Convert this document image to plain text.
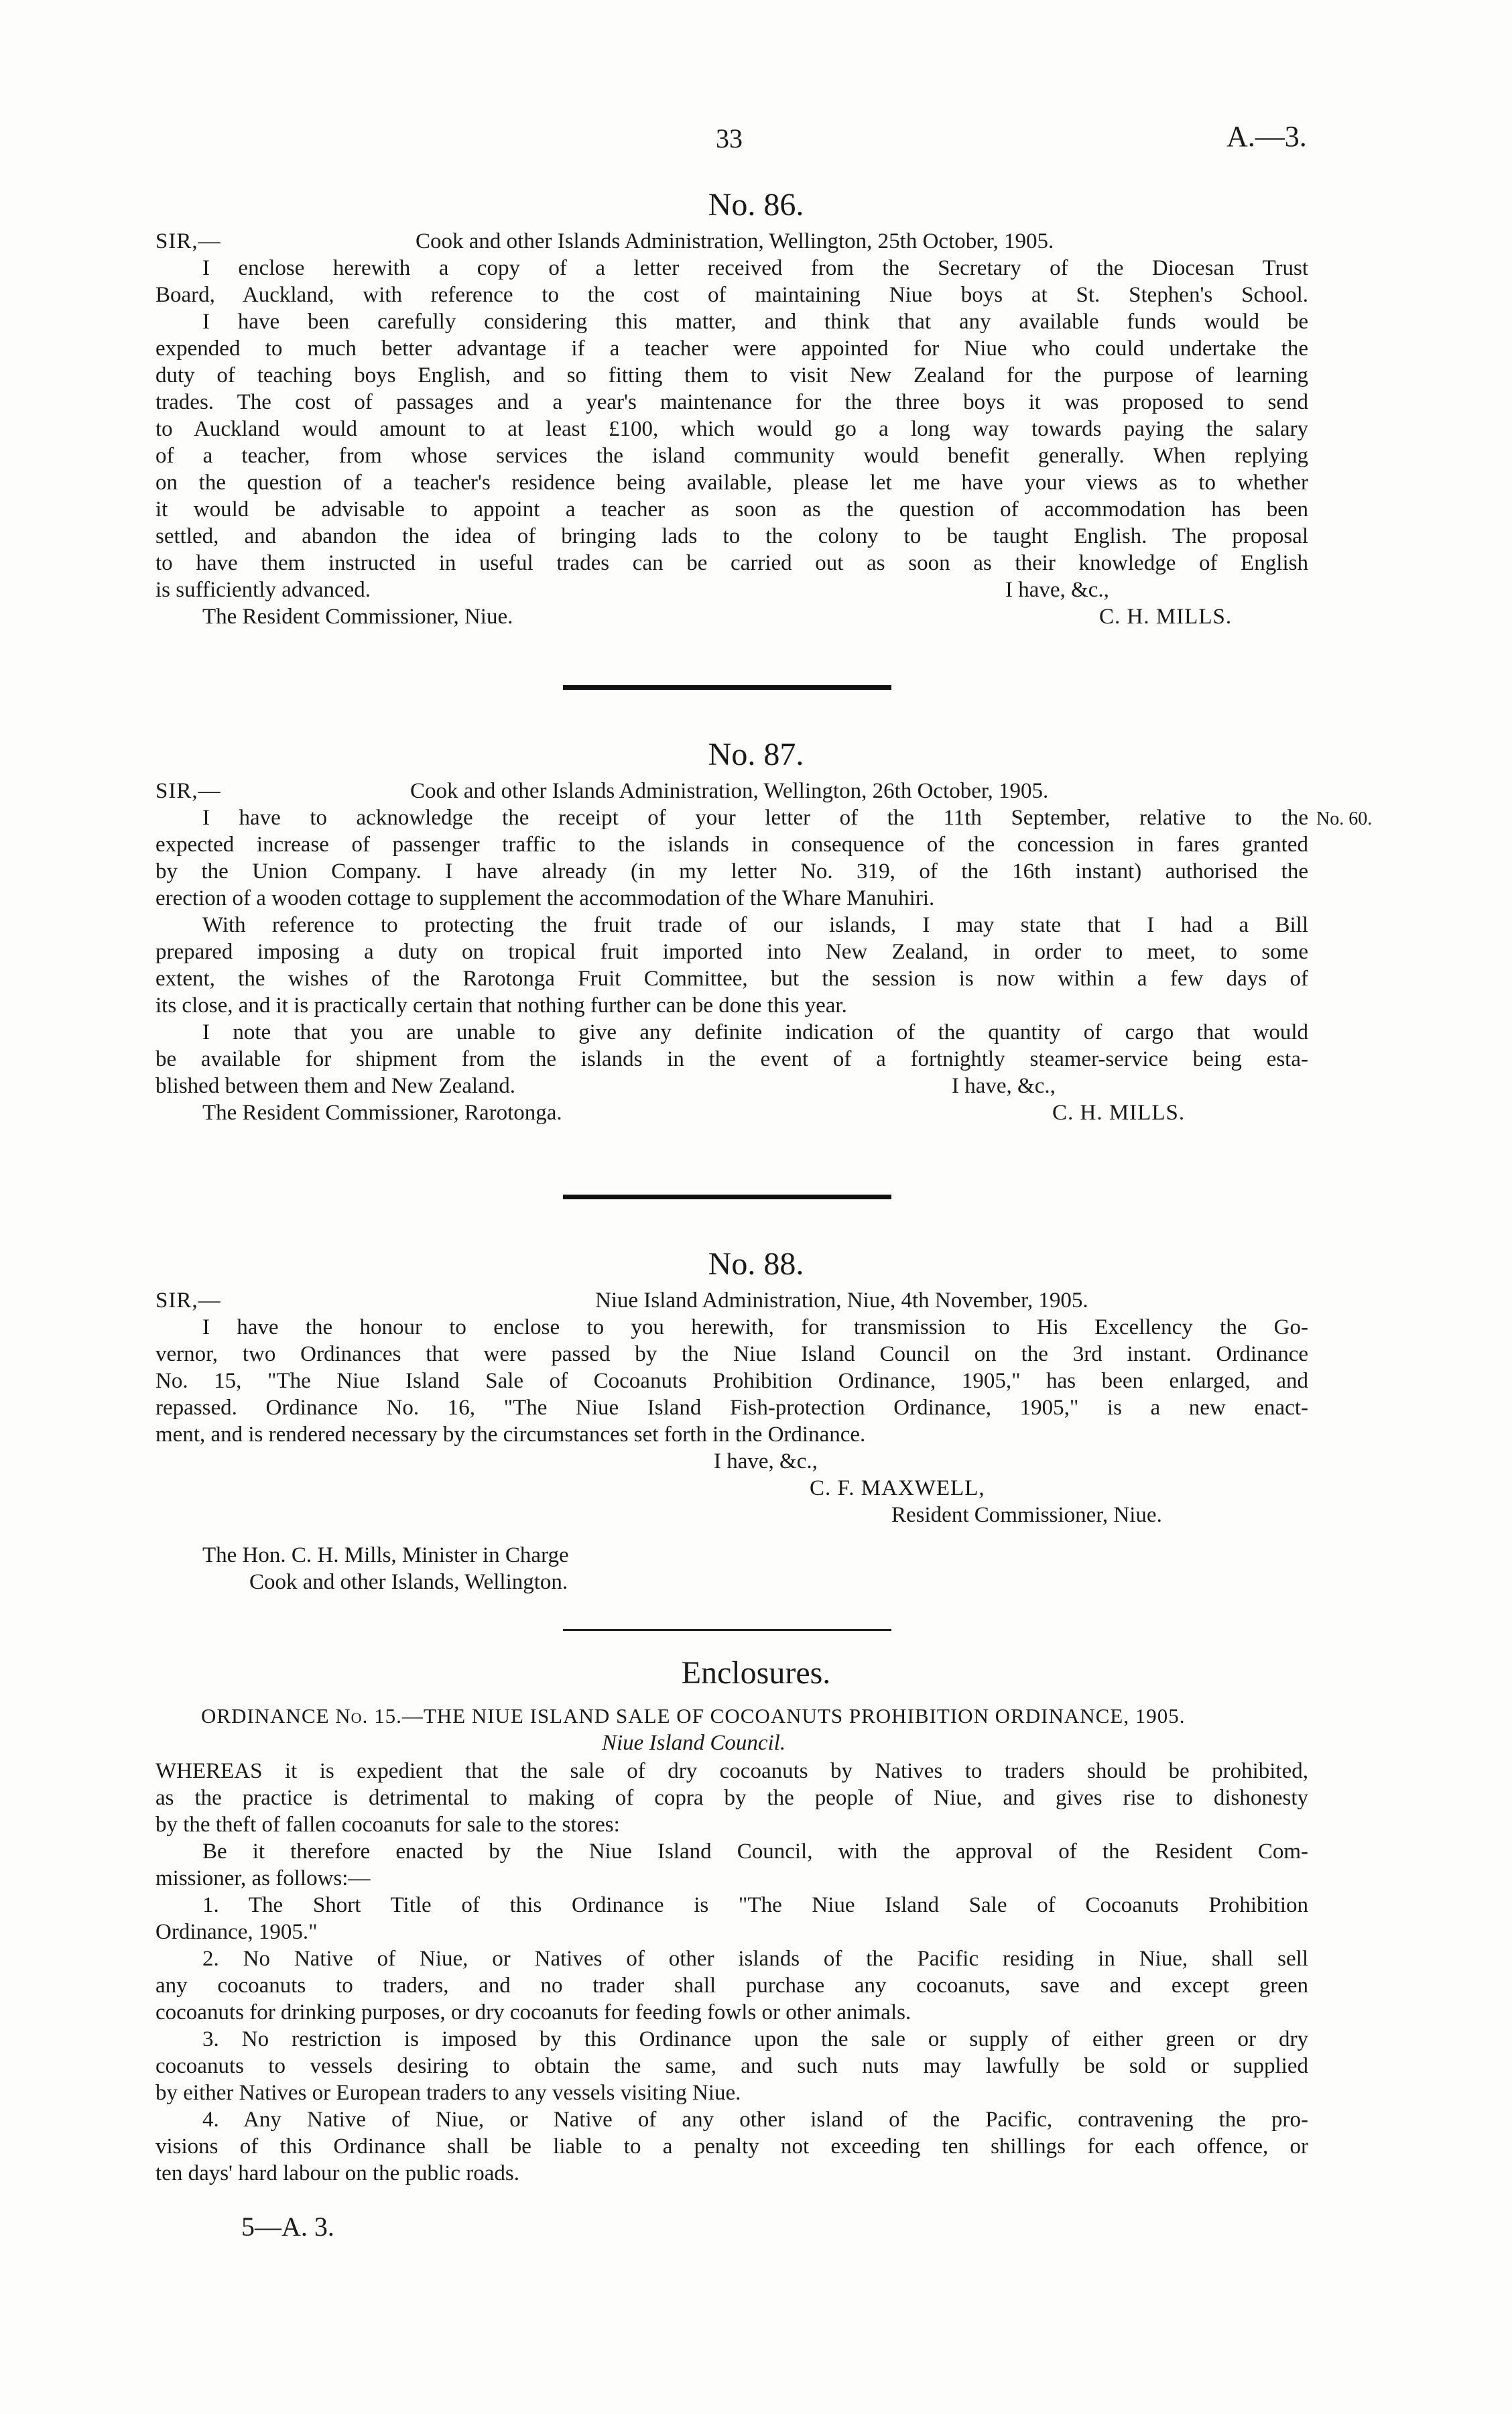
33	A.—3.
No. 86.
SIR,—	Cook and other Islands Administration, Wellington, 25th October, 1905.
I enclose herewith a copy of a letter received from the Secretary of the Diocesan Trust
Board, Auckland, with reference to the cost of maintaining Niue boys at St. Stephen's School.
I have been carefully considering this matter, and think that any available funds would be
expended to much better advantage if a teacher were appointed for Niue who could undertake the
duty of teaching boys English, and so fitting them to visit New Zealand for the purpose of learning
trades. The cost of passages and a year's maintenance for the three boys it was proposed to send
to Auckland would amount to at least £100, which would go a long way towards paying the salary
of a teacher, from whose services the island community would benefit generally. When replying
on the question of a teacher's residence being available, please let me have your views as to whether
it would be advisable to appoint a teacher as soon as the question of accommodation has been
settled, and abandon the idea of bringing lads to the colony to be taught English. The proposal
to have them instructed in useful trades can be carried out as soon as their knowledge of English
is sufficiently advanced.	I have, &c.,
The Resident Commissioner, Niue.	C. H. MILLS.
No. 87.
SIR,—	Cook and other Islands Administration, Wellington, 26th October, 1905.
No. 60.
I have to acknowledge the receipt of your letter of the 11th September, relative to the
expected increase of passenger traffic to the islands in consequence of the concession in fares granted
by the Union Company. I have already (in my letter No. 319, of the 16th instant) authorised the
erection of a wooden cottage to supplement the accommodation of the Whare Manuhiri.
With reference to protecting the fruit trade of our islands, I may state that I had a Bill
prepared imposing a duty on tropical fruit imported into New Zealand, in order to meet, to some
extent, the wishes of the Rarotonga Fruit Committee, but the session is now within a few days of
its close, and it is practically certain that nothing further can be done this year.
I note that you are unable to give any definite indication of the quantity of cargo that would
be available for shipment from the islands in the event of a fortnightly steamer-service being esta-
blished between them and New Zealand.	I have, &c.,
The Resident Commissioner, Rarotonga.	C. H. MILLS.
No. 88.
SIR,—	Niue Island Administration, Niue, 4th November, 1905.
I have the honour to enclose to you herewith, for transmission to His Excellency the Go-
vernor, two Ordinances that were passed by the Niue Island Council on the 3rd instant. Ordinance
No. 15, "The Niue Island Sale of Cocoanuts Prohibition Ordinance, 1905," has been enlarged, and
repassed. Ordinance No. 16, "The Niue Island Fish-protection Ordinance, 1905," is a new enact-
ment, and is rendered necessary by the circumstances set forth in the Ordinance.
I have, &c.,
C. F. MAXWELL,
Resident Commissioner, Niue.
The Hon. C. H. Mills, Minister in Charge
Cook and other Islands, Wellington.
Enclosures.
ORDINANCE No. 15.—THE NIUE ISLAND SALE OF COCOANUTS PROHIBITION ORDINANCE, 1905.
Niue Island Council.
WHEREAS it is expedient that the sale of dry cocoanuts by Natives to traders should be prohibited,
as the practice is detrimental to making of copra by the people of Niue, and gives rise to dishonesty
by the theft of fallen cocoanuts for sale to the stores:
Be it therefore enacted by the Niue Island Council, with the approval of the Resident Com-
missioner, as follows:—
1. The Short Title of this Ordinance is "The Niue Island Sale of Cocoanuts Prohibition
Ordinance, 1905."
2. No Native of Niue, or Natives of other islands of the Pacific residing in Niue, shall sell
any cocoanuts to traders, and no trader shall purchase any cocoanuts, save and except green
cocoanuts for drinking purposes, or dry cocoanuts for feeding fowls or other animals.
3. No restriction is imposed by this Ordinance upon the sale or supply of either green or dry
cocoanuts to vessels desiring to obtain the same, and such nuts may lawfully be sold or supplied
by either Natives or European traders to any vessels visiting Niue.
4. Any Native of Niue, or Native of any other island of the Pacific, contravening the pro-
visions of this Ordinance shall be liable to a penalty not exceeding ten shillings for each offence, or
ten days' hard labour on the public roads.
5—A. 3.
